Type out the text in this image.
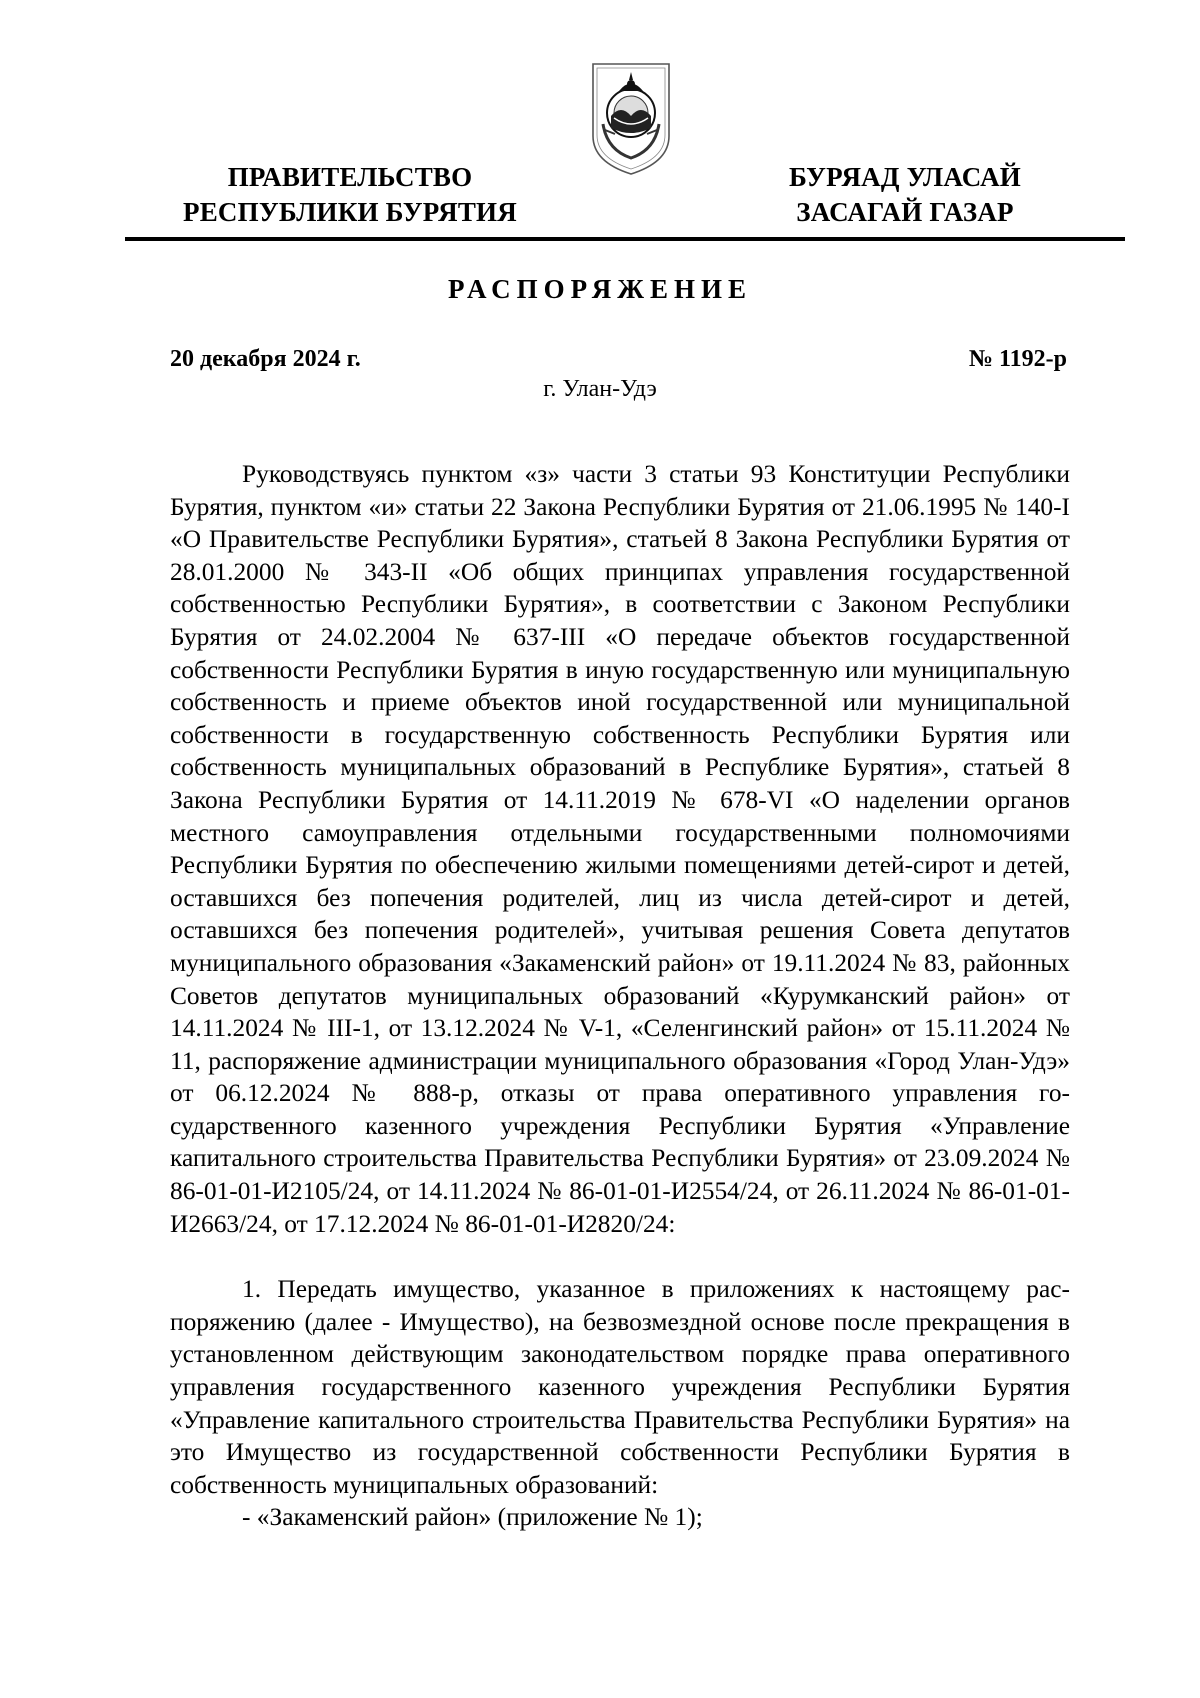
ПРАВИТЕЛЬСТВО
РЕСПУБЛИКИ БУРЯТИЯ
БУРЯАД УЛАСАЙ
ЗАСАГАЙ ГАЗАР
РАСПОРЯЖЕНИЕ
20 декабря 2024 г.	№ 1192-р
г. Улан-Удэ

Руководствуясь пунктом «з» части 3 статьи 93 Конституции Республики Бурятия, пунктом «и» статьи 22 Закона Республики Бурятия от 21.06.1995 № 140-I «О Правительстве Республики Бурятия», статьей 8 Закона Республики Бурятия от 28.01.2000 № 343-II «Об общих принципах управления государственной собственностью Республики Бурятия», в соответствии с Законом Республики Бурятия от 24.02.2004 № 637-III «О передаче объектов государственной собственности Республики Бурятия в иную государственную или муниципальную собственность и приеме объектов иной государственной или муниципальной собственности в государственную собственность Республики Бурятия или собственность муниципальных образований в Республике Бурятия», статьей 8 Закона Республики Бурятия от 14.11.2019 № 678-VI «О наделении органов местного самоуправления отдельными государственными полномочиями Республики Бурятия по обеспечению жилыми помещениями детей-сирот и детей, оставшихся без попечения родителей, лиц из числа детей-сирот и детей, оставшихся без попечения родителей», учитывая решения Совета депутатов муниципального образования «Закаменский район» от 19.11.2024 № 83, районных Советов депутатов муниципальных образований «Курумканский район» от 14.11.2024 № III-1, от 13.12.2024 № V-1, «Селенгинский район» от 15.11.2024 № 11, распоряжение администрации муниципального образования «Город Улан-Удэ» от 06.12.2024 № 888-р, отказы от права оперативного управления государственного казенного учреждения Республики Бурятия «Управление капитального строительства Правительства Республики Бурятия» от 23.09.2024 № 86-01-01-И2105/24, от 14.11.2024 № 86-01-01-И2554/24, от 26.11.2024 № 86-01-01-И2663/24, от 17.12.2024 № 86-01-01-И2820/24:

1. Передать имущество, указанное в приложениях к настоящему распоряжению (далее - Имущество), на безвозмездной основе после прекращения в установленном действующим законодательством порядке права оперативного управления государственного казенного учреждения Республики Бурятия «Управление капитального строительства Правительства Республики Бурятия» на это Имущество из государственной собственности Республики Бурятия в собственность муниципальных образований:

- «Закаменский район» (приложение № 1);
